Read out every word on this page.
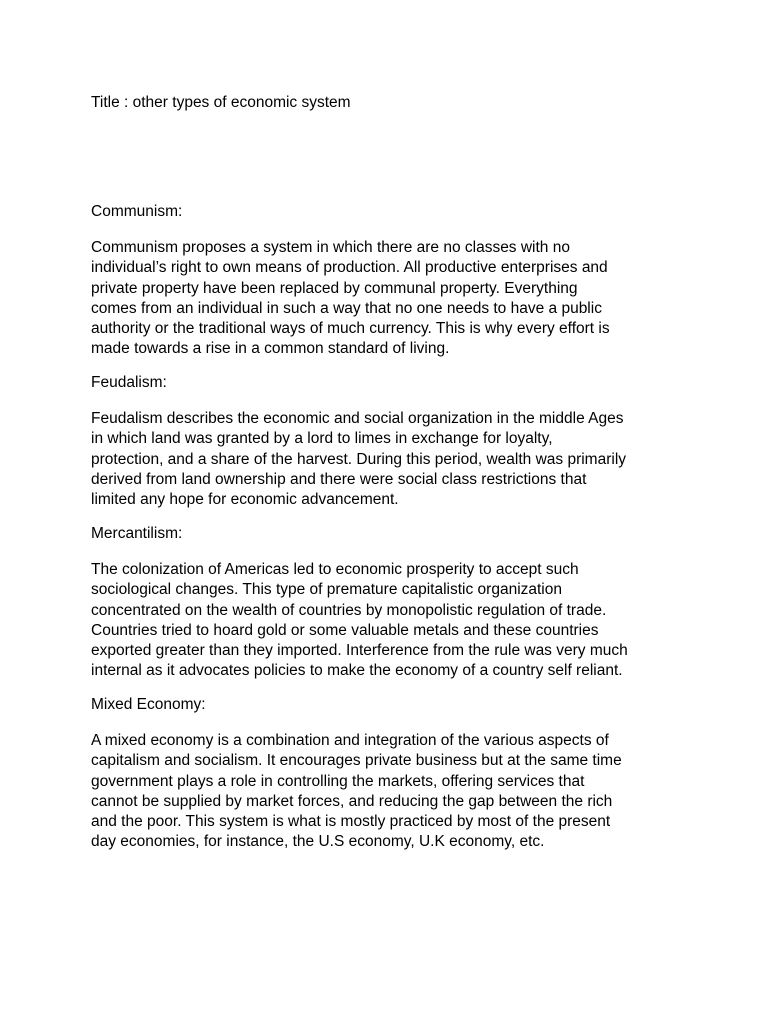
Title : other types of economic system
Communism:

Communism proposes a system in which there are no classes with no
individual’s right to own means of production. All productive enterprises and
private property have been replaced by communal property. Everything
comes from an individual in such a way that no one needs to have a public
authority or the traditional ways of much currency. This is why every effort is
made towards a rise in a common standard of living.

Feudalism:

Feudalism describes the economic and social organization in the middle Ages
in which land was granted by a lord to limes in exchange for loyalty,
protection, and a share of the harvest. During this period, wealth was primarily
derived from land ownership and there were social class restrictions that
limited any hope for economic advancement.

Mercantilism:

The colonization of Americas led to economic prosperity to accept such
sociological changes. This type of premature capitalistic organization
concentrated on the wealth of countries by monopolistic regulation of trade.
Countries tried to hoard gold or some valuable metals and these countries
exported greater than they imported. Interference from the rule was very much
internal as it advocates policies to make the economy of a country self reliant.

Mixed Economy:

A mixed economy is a combination and integration of the various aspects of
capitalism and socialism. It encourages private business but at the same time
government plays a role in controlling the markets, offering services that
cannot be supplied by market forces, and reducing the gap between the rich
and the poor. This system is what is mostly practiced by most of the present
day economies, for instance, the U.S economy, U.K economy, etc.
